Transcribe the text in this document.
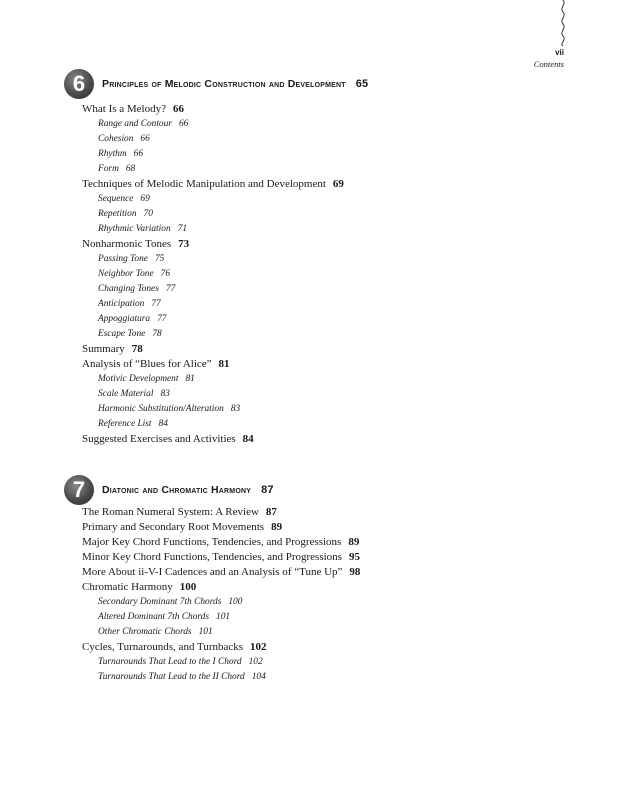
vii
Contents
6	Principles of Melodic Construction and Development 65
What Is a Melody? 66
Range and Contour 66
Cohesion 66
Rhythm 66
Form 68
Techniques of Melodic Manipulation and Development 69
Sequence 69
Repetition 70
Rhythmic Variation 71
Nonharmonic Tones 73
Passing Tone 75
Neighbor Tone 76
Changing Tones 77
Anticipation 77
Appoggiatura 77
Escape Tone 78
Summary 78
Analysis of “Blues for Alice” 81
Motivic Development 81
Scale Material 83
Harmonic Substitution/Alteration 83
Reference List 84
Suggested Exercises and Activities 84
7	Diatonic and Chromatic Harmony 87
The Roman Numeral System: A Review 87
Primary and Secondary Root Movements 89
Major Key Chord Functions, Tendencies, and Progressions 89
Minor Key Chord Functions, Tendencies, and Progressions 95
More About ii-V-I Cadences and an Analysis of “Tune Up” 98
Chromatic Harmony 100
Secondary Dominant 7th Chords 100
Altered Dominant 7th Chords 101
Other Chromatic Chords 101
Cycles, Turnarounds, and Turnbacks 102
Turnarounds That Lead to the I Chord 102
Turnarounds That Lead to the II Chord 104
